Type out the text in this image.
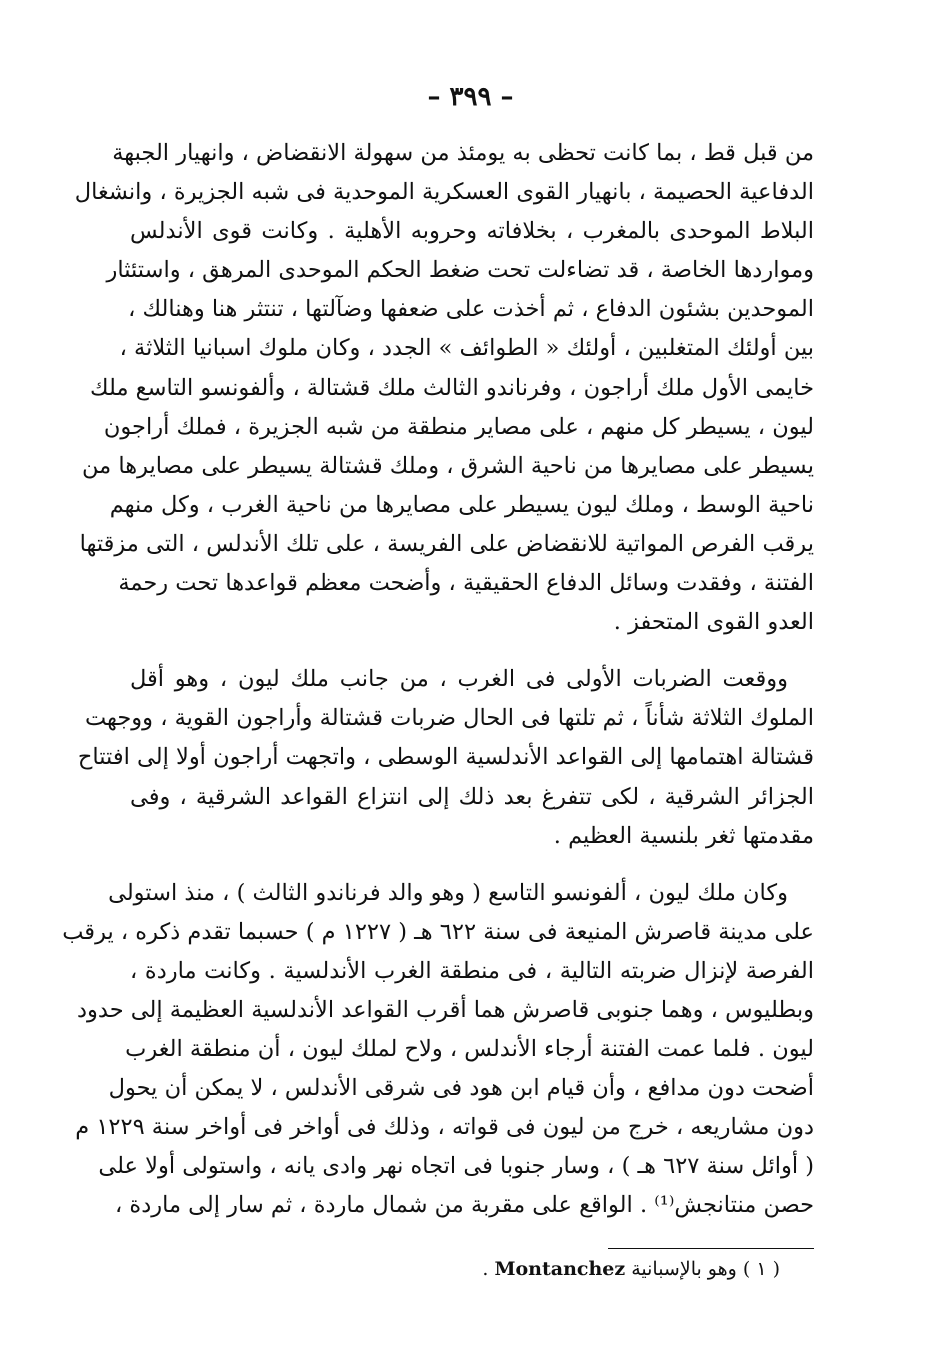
– ٣٩٩ –
من قبل قط ، بما كانت تحظى به يومئذ من سهولة الانقضاض ، وانهيار الجبهة
الدفاعية الحصيمة ، بانهيار القوى العسكرية الموحدية فى شبه الجزيرة ، وانشغال
البلاط الموحدى بالمغرب ، بخلافاته وحروبه الأهلية . وكانت قوى الأندلس
ومواردها الخاصة ، قد تضاءلت تحت ضغط الحكم الموحدى المرهق ، واستئثار
الموحدين بشئون الدفاع ، ثم أخذت على ضعفها وضآلتها ، تنتثر هنا وهنالك ،
بين أولئك المتغلبين ، أولئك « الطوائف » الجدد ، وكان ملوك اسبانيا الثلاثة ،
خايمى الأول ملك أراجون ، وفرناندو الثالث ملك قشتالة ، وألفونسو التاسع ملك
ليون ، يسيطر كل منهم ، على مصاير منطقة من شبه الجزيرة ، فملك أراجون
يسيطر على مصايرها من ناحية الشرق ، وملك قشتالة يسيطر على مصايرها من
ناحية الوسط ، وملك ليون يسيطر على مصايرها من ناحية الغرب ، وكل منهم
يرقب الفرص المواتية للانقضاض على الفريسة ، على تلك الأندلس ، التى مزقتها
الفتنة ، وفقدت وسائل الدفاع الحقيقية ، وأضحت معظم قواعدها تحت رحمة
العدو القوى المتحفز .
ووقعت الضربات الأولى فى الغرب ، من جانب ملك ليون ، وهو أقل
الملوك الثلاثة شأناً ، ثم تلتها فى الحال ضربات قشتالة وأراجون القوية ، ووجهت
قشتالة اهتمامها إلى القواعد الأندلسية الوسطى ، واتجهت أراجون أولا إلى افتتاح
الجزائر الشرقية ، لكى تتفرغ بعد ذلك إلى انتزاع القواعد الشرقية ، وفى
مقدمتها ثغر بلنسية العظيم .
وكان ملك ليون ، ألفونسو التاسع ( وهو والد فرناندو الثالث ) ، منذ استولى
على مدينة قاصرش المنيعة فى سنة ٦٢٢ هـ ( ١٢٢٧ م ) حسبما تقدم ذكره ، يرقب
الفرصة لإنزال ضربته التالية ، فى منطقة الغرب الأندلسية . وكانت ماردة ،
وبطليوس ، وهما جنوبى قاصرش هما أقرب القواعد الأندلسية العظيمة إلى حدود
ليون . فلما عمت الفتنة أرجاء الأندلس ، ولاح لملك ليون ، أن منطقة الغرب
أضحت دون مدافع ، وأن قيام ابن هود فى شرقى الأندلس ، لا يمكن أن يحول
دون مشاريعه ، خرج من ليون فى قواته ، وذلك فى أواخر فى أواخر سنة ١٢٢٩ م
( أوائل سنة ٦٢٧ هـ ) ، وسار جنوبا فى اتجاه نهر وادى يانه ، واستولى أولا على
حصن منتانجش⁽¹⁾ . الواقع على مقربة من شمال ماردة ، ثم سار إلى ماردة ،
( ١ ) وهو بالإسبانية Montanchez .
